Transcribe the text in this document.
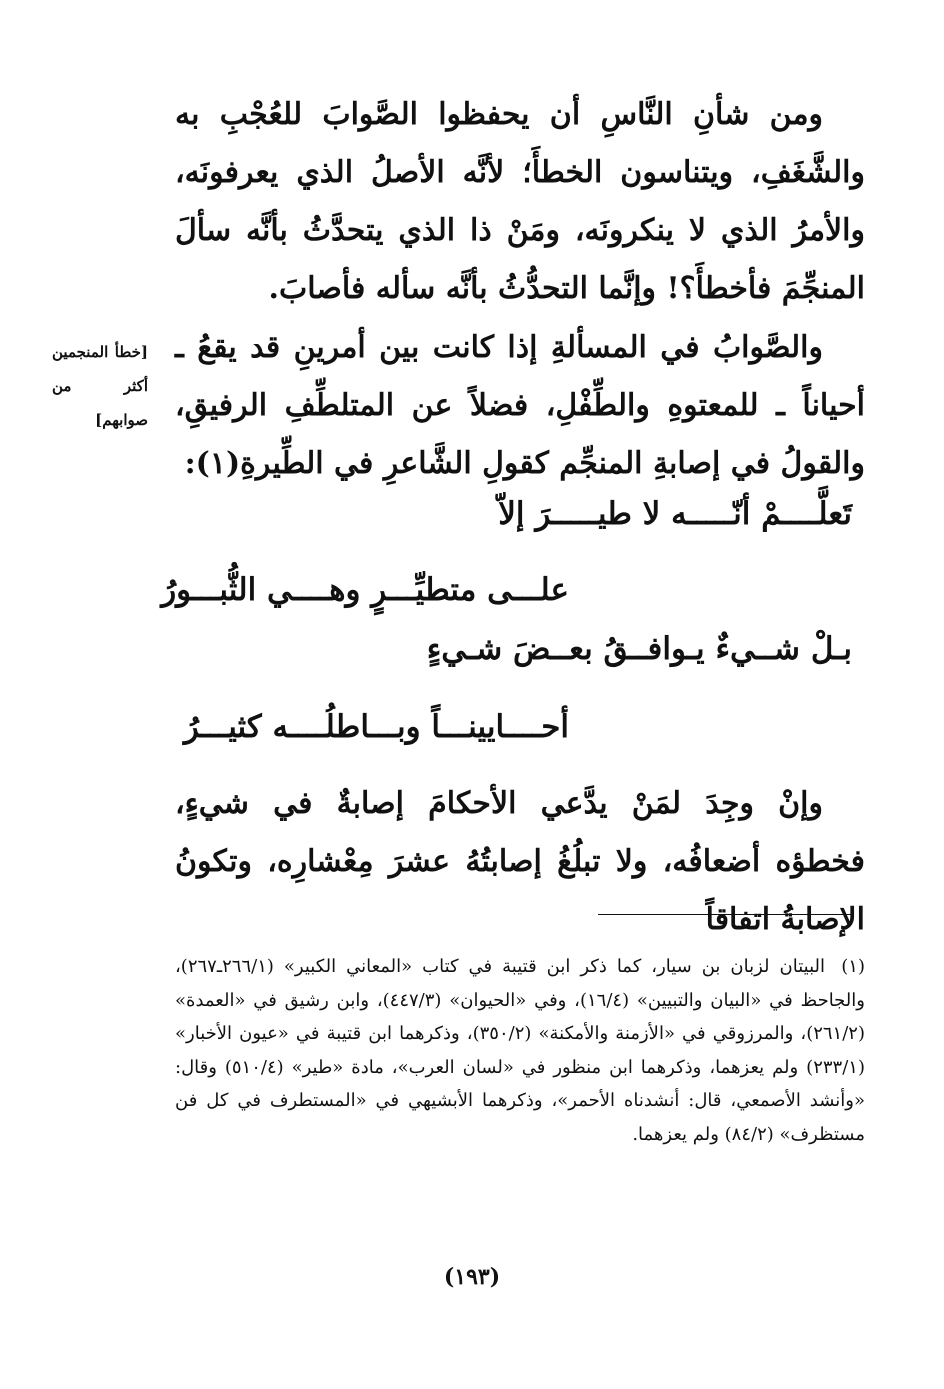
ومن شأنِ النَّاسِ أن يحفظوا الصَّوابَ للعُجْبِ به والشَّغَفِ، ويتناسون الخطأَ؛ لأنَّه الأصلُ الذي يعرفونَه، والأمرُ الذي لا ينكرونَه، ومَنْ ذا الذي يتحدَّثُ بأنَّه سألَ المنجِّمَ فأخطأَ؟! وإنَّما التحدُّثُ بأنَّه سأله فأصابَ.

[خطأ المنجمين أكثر من صوابهم]

والصَّوابُ في المسألةِ إذا كانت بين أمرينِ قد يقعُ ـ أحياناً ـ للمعتوهِ والطِّفْلِ، فضلاً عن المتلطِّفِ الرفيقِ، والقولُ في إصابةِ المنجِّم كقولِ الشَّاعرِ في الطِّيرةِ(١):

تَعلَّــــمْ أنّـــــه لا طيـــــرَ إلاّ
علـــى متطيِّـــرٍ وهــــي الثُّبـــورُ
بـلْ شــيءٌ يـوافــقُ بعــضَ شـيءٍ
أحــــايينـــاً وبـــاطلُــــه كثيـــرُ

وإنْ وجِدَ لمَنْ يدَّعي الأحكامَ إصابةٌ في شيءٍ، فخطؤه أضعافُه، ولا تبلُغُ إصابتُهُ عشرَ مِعْشارِه، وتكونُ الإصابةُ اتفاقاً

(١)البيتان لزبان بن سيار، كما ذكر ابن قتيبة في كتاب «المعاني الكبير» (٢٦٦/١ـ٢٦٧)، والجاحظ في «البيان والتبيين» (١٦/٤)، وفي «الحيوان» (٤٤٧/٣)، وابن رشيق في «العمدة» (٢٦١/٢)، والمرزوقي في «الأزمنة والأمكنة» (٣٥٠/٢)، وذكرهما ابن قتيبة في «عيون الأخبار» (٢٣٣/١) ولم يعزهما، وذكرهما ابن منظور في «لسان العرب»، مادة «طير» (٥١٠/٤) وقال: «وأنشد الأصمعي، قال: أنشدناه الأحمر»، وذكرهما الأبشيهي في «المستطرف في كل فن مستظرف» (٨٤/٢) ولم يعزهما.
(١٩٣)
